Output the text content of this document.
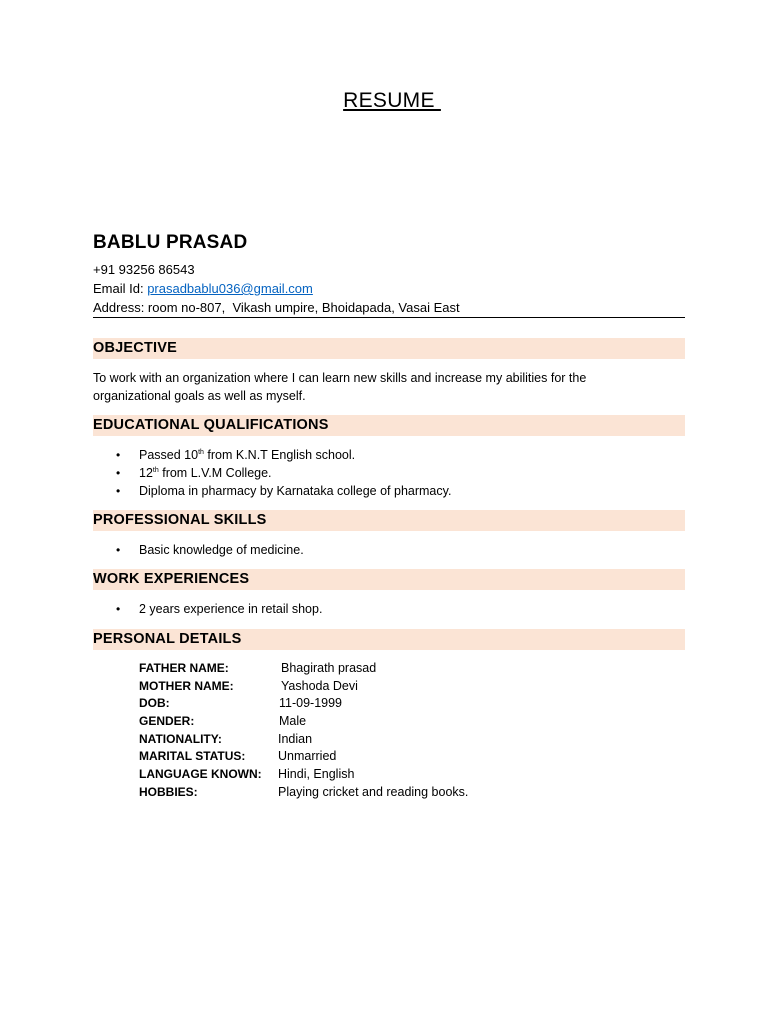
RESUME
BABLU PRASAD
+91 93256 86543
Email Id: prasadbablu036@gmail.com
Address: room no-807,  Vikash umpire, Bhoidapada, Vasai East
OBJECTIVE
To work with an organization where I can learn new skills and increase my abilities for the organizational goals as well as myself.
EDUCATIONAL QUALIFICATIONS
• Passed 10th from K.N.T English school.
• 12th from L.V.M College.
• Diploma in pharmacy by Karnataka college of pharmacy.
PROFESSIONAL SKILLS
• Basic knowledge of medicine.
WORK EXPERIENCES
• 2 years experience in retail shop.
PERSONAL DETAILS
FATHER NAME:	Bhagirath prasad
MOTHER NAME:	Yashoda Devi
DOB:	11-09-1999
GENDER:	Male
NATIONALITY:	Indian
MARITAL STATUS:	Unmarried
LANGUAGE KNOWN: Hindi, English
HOBBIES:	Playing cricket and reading books.
